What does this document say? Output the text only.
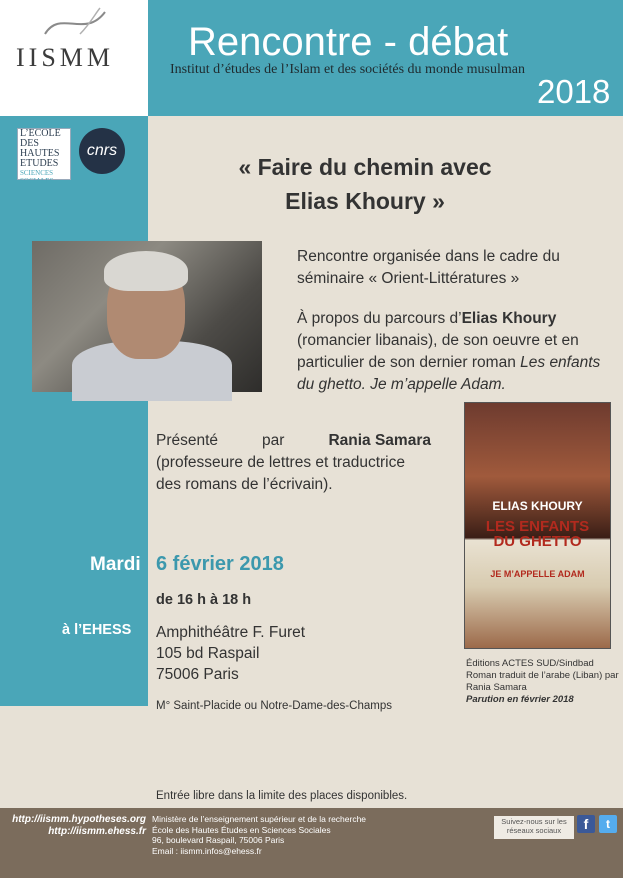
IISMM Rencontre - débat
Institut d’études de l’Islam et des sociétés du monde musulman
2018
L’ECOLE
DES HAUTES
ETUDES
SCIENCES
SOCIALES
cnrs
« Faire du chemin avec
Elias Khoury »
Rencontre organisée dans le cadre du séminaire « Orient-Littératures »
À propos du parcours d’Elias Khoury (romancier libanais), de son oeuvre et en particulier de son dernier roman Les enfants du ghetto. Je m’appelle Adam.
Présenté	par	Rania Samara
(professeure de lettres et traductrice des romans de l’écrivain).
ELIAS KHOURY
LES ENFANTS DU GHETTO
JE M’APPELLE ADAM
Éditions ACTES SUD/Sindbad
Roman traduit de l’arabe (Liban) par Rania Samara
Parution en février 2018
Mardi 6 février 2018
de 16 h à 18 h
à l’EHESS Amphithéâtre F. Furet
105 bd Raspail
75006 Paris
M° Saint-Placide ou Notre-Dame-des-Champs
Entrée libre dans la limite des places disponibles.
http://iismm.hypotheses.org
http://iismm.ehess.fr
Ministère de l’enseignement supérieur et de la recherche
École des Hautes Études en Sciences Sociales
96, boulevard Raspail, 75006 Paris
Email : iismm.infos@ehess.fr
Suivez-nous sur les réseaux sociaux	f	t
